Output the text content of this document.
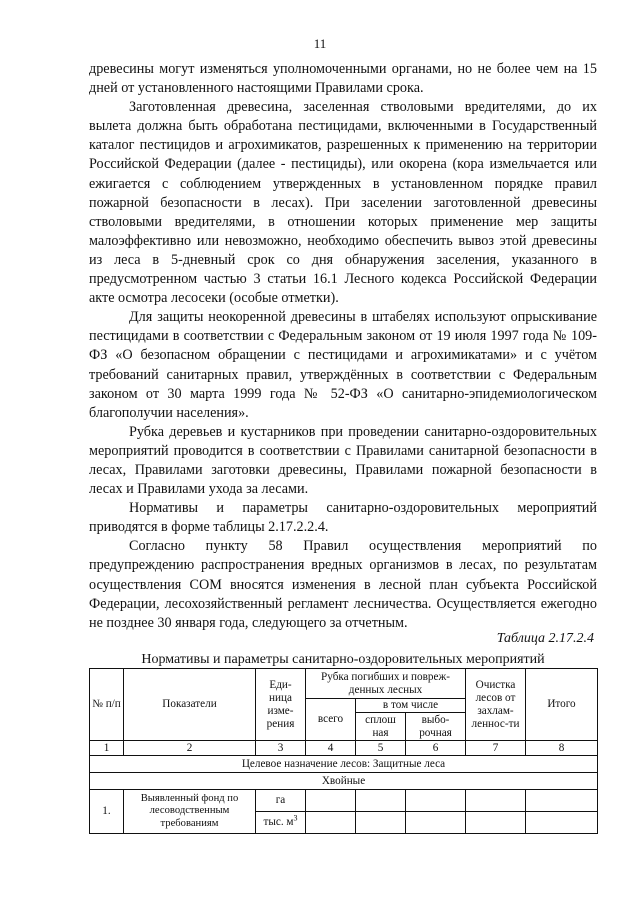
11

древесины могут изменяться уполномоченными органами, но не более чем на 15 дней от установленного настоящими Правилами срока.

Заготовленная древесина, заселенная стволовыми вредителями, до их вылета должна быть обработана пестицидами, включенными в Государственный каталог пестицидов и агрохимикатов, разрешенных к применению на территории Российской Федерации (далее - пестициды), или окорена (кора измельчается или ежигается с соблюдением утвержденных в установленном порядке правил пожарной безопасности в лесах). При заселении заготовленной древесины стволовыми вредителями, в отношении которых применение мер защиты малоэффективно или невозможно, необходимо обеспечить вывоз этой древесины из леса в 5-дневный срок со дня обнаружения заселения, указанного в предусмотренном частью 3 статьи 16.1 Лесного кодекса Российской Федерации акте осмотра лесосеки (особые отметки).

Для защиты неокоренной древесины в штабелях используют опрыскивание пестицидами в соответствии с Федеральным законом от 19 июля 1997 года № 109-ФЗ «О безопасном обращении с пестицидами и агрохимикатами» и с учётом требований санитарных правил, утверждённых в соответствии с Федеральным законом от 30 марта 1999 года № 52-ФЗ «О санитарно-эпидемиологическом благополучии населения».

Рубка деревьев и кустарников при проведении санитарно-оздоровительных мероприятий проводится в соответствии с Правилами санитарной безопасности в лесах, Правилами заготовки древесины, Правилами пожарной безопасности в лесах и Правилами ухода за лесами.

Нормативы и параметры санитарно-оздоровительных мероприятий приводятся в форме таблицы 2.17.2.2.4.

Согласно пункту 58 Правил осуществления мероприятий по предупреждению распространения вредных организмов в лесах, по результатам осуществления СОМ вносятся изменения в лесной план субъекта Российской Федерации, лесохозяйственный регламент лесничества. Осуществляется ежегодно не позднее 30 января года, следующего за отчетным.

Таблица 2.17.2.4
Нормативы и параметры санитарно-оздоровительных мероприятий
№ п/п	Показатели	Еди-ница изме-рения	Рубка погибших и повреж-денных лесных			Очистка лесов от захлам-леннос-ти	Итого
			всего	в том числе			
				сплош ная	выбо-рочная		
1	2	3	4	5	6	7	8
Целевое назначение лесов: Защитные леса							
Хвойные							
1.	Выявленный фонд по лесоводственным требованиям	га					
		тыс. $м^3$					
